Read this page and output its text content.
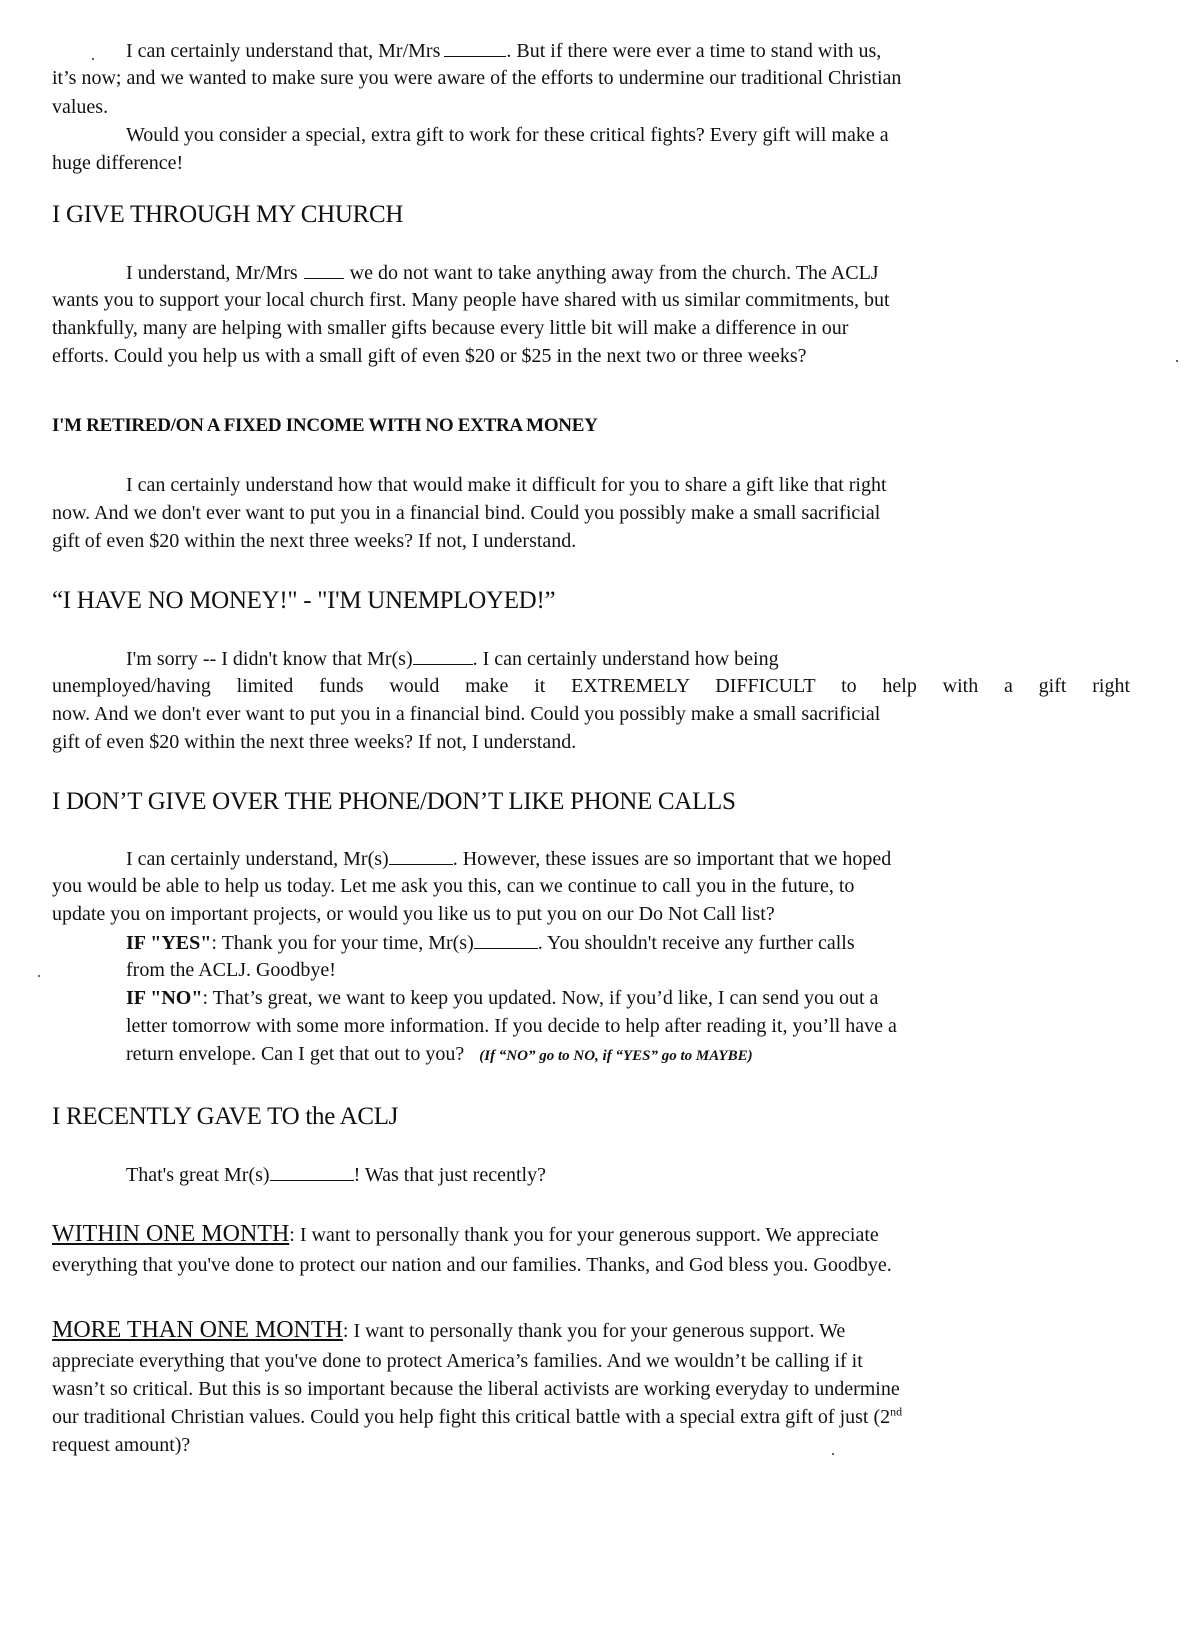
I can certainly understand that, Mr/Mrs	. But if there were ever a time to stand with us,
it’s now; and we wanted to make sure you were aware of the efforts to undermine our traditional Christian
values.
Would you consider a special, extra gift to work for these critical fights? Every gift will make a
huge difference!
I GIVE THROUGH MY CHURCH
I understand, Mr/Mrs	we do not want to take anything away from the church. The ACLJ
wants you to support your local church first. Many people have shared with us similar commitments, but
thankfully, many are helping with smaller gifts because every little bit will make a difference in our
efforts. Could you help us with a small gift of even $20 or $25 in the next two or three weeks?
I'M RETIRED/ON A FIXED INCOME WITH NO EXTRA MONEY
I can certainly understand how that would make it difficult for you to share a gift like that right
now. And we don't ever want to put you in a financial bind. Could you possibly make a small sacrificial
gift of even $20 within the next three weeks? If not, I understand.
“I HAVE NO MONEY!" - "I'M UNEMPLOYED!”
I'm sorry -- I didn't know that Mr(s)	. I can certainly understand how being
unemployed/having limited funds would make it EXTREMELY DIFFICULT to help with a gift right
now. And we don't ever want to put you in a financial bind. Could you possibly make a small sacrificial
gift of even $20 within the next three weeks? If not, I understand.
I DON’T GIVE OVER THE PHONE/DON’T LIKE PHONE CALLS
I can certainly understand, Mr(s)	. However, these issues are so important that we hoped
you would be able to help us today. Let me ask you this, can we continue to call you in the future, to
update you on important projects, or would you like us to put you on our Do Not Call list?
IF "YES": Thank you for your time, Mr(s)	. You shouldn't receive any further calls
from the ACLJ. Goodbye!
IF "NO": That’s great, we want to keep you updated. Now, if you’d like, I can send you out a
letter tomorrow with some more information. If you decide to help after reading it, you’ll have a
return envelope. Can I get that out to you? (If “NO” go to NO, if “YES” go to MAYBE)
I RECENTLY GAVE TO the ACLJ
That's great Mr(s)	! Was that just recently?
WITHIN ONE MONTH: I want to personally thank you for your generous support. We appreciate
everything that you've done to protect our nation and our families. Thanks, and God bless you. Goodbye.
MORE THAN ONE MONTH: I want to personally thank you for your generous support. We
appreciate everything that you've done to protect America’s families. And we wouldn’t be calling if it
wasn’t so critical. But this is so important because the liberal activists are working everyday to undermine
our traditional Christian values. Could you help fight this critical battle with a special extra gift of just (2nd
request amount)?
